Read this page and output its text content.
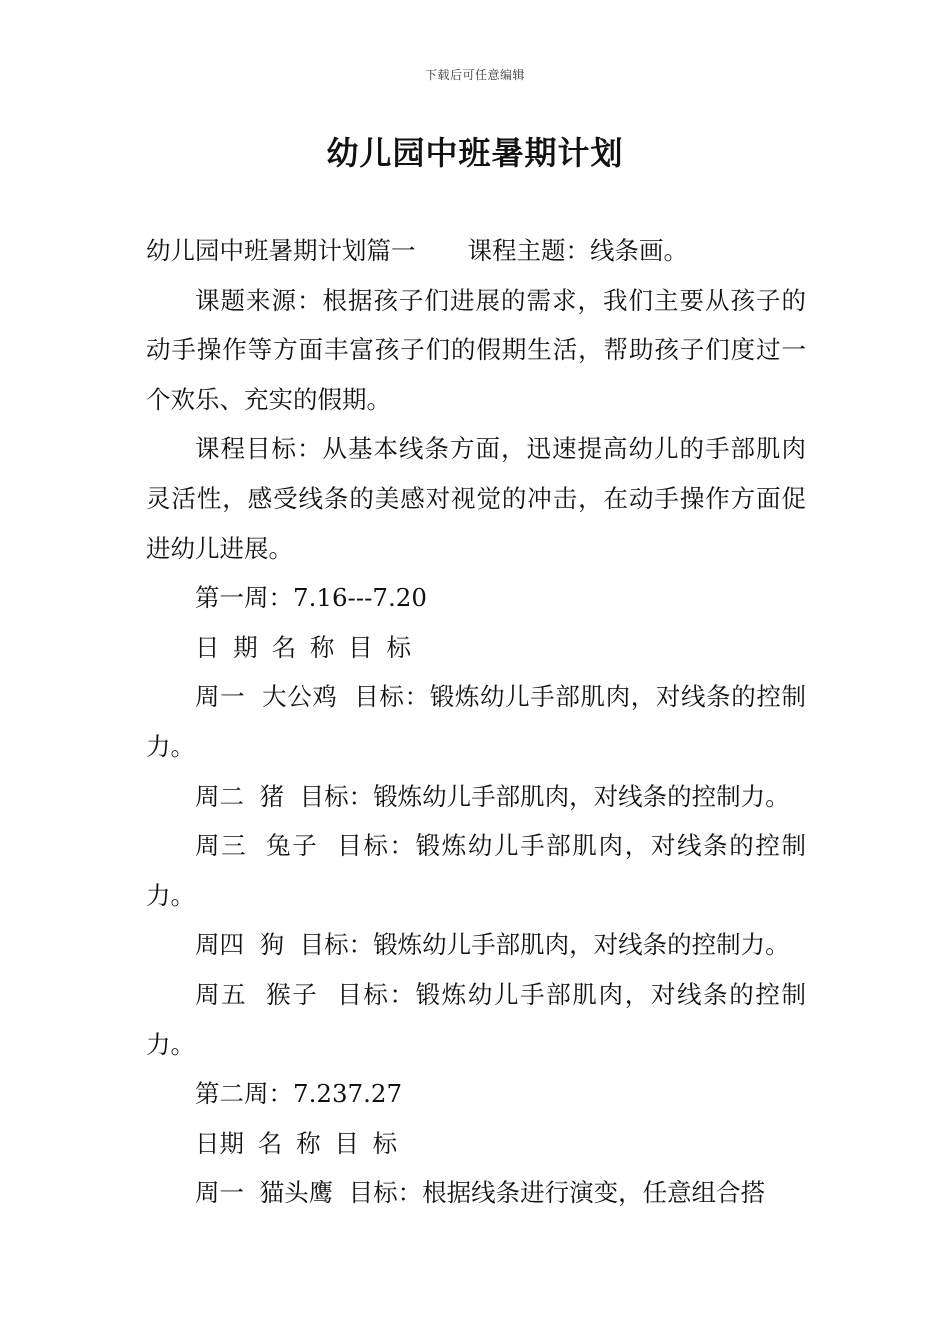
下载后可任意编辑
幼儿园中班暑期计划

幼儿园中班暑期计划篇一 课程主题：线条画。

课题来源：根据孩子们进展的需求，我们主要从孩子的动手操作等方面丰富孩子们的假期生活，帮助孩子们度过一个欢乐、充实的假期。

课程目标：从基本线条方面，迅速提高幼儿的手部肌肉灵活性，感受线条的美感对视觉的冲击，在动手操作方面促进幼儿进展。

第一周：7.16---7.20

日 期 名 称 目 标

周一  大公鸡  目标：锻炼幼儿手部肌肉，对线条的控制力。

周二  猪  目标：锻炼幼儿手部肌肉，对线条的控制力。

周三  兔子  目标：锻炼幼儿手部肌肉，对线条的控制力。

周四  狗  目标：锻炼幼儿手部肌肉，对线条的控制力。

周五  猴子  目标：锻炼幼儿手部肌肉，对线条的控制力。

第二周：7.237.27

日期 名 称 目 标

周一  猫头鹰  目标：根据线条进行演变，任意组合搭
